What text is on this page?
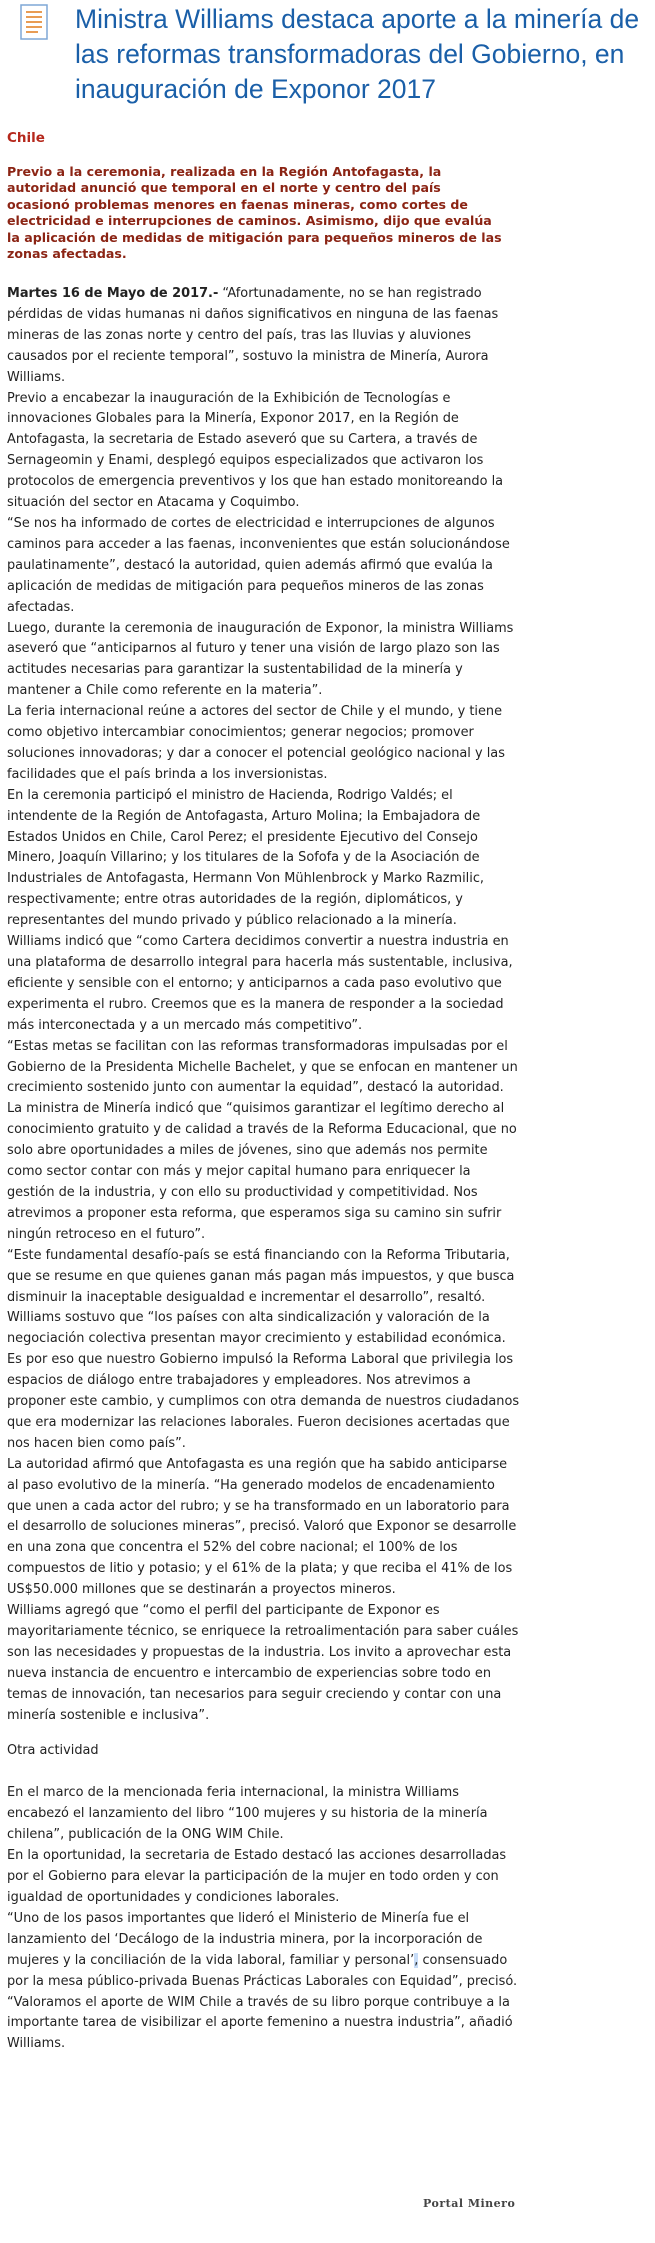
Ministra Williams destaca aporte a la minería de las reformas transformadoras del Gobierno, en inauguración de Exponor 2017

Chile

Previo a la ceremonia, realizada en la Región Antofagasta, la autoridad anunció que temporal en el norte y centro del país ocasionó problemas menores en faenas mineras, como cortes de electricidad e interrupciones de caminos. Asimismo, dijo que evalúa la aplicación de medidas de mitigación para pequeños mineros de las zonas afectadas.

Martes 16 de Mayo de 2017.- “Afortunadamente, no se han registrado pérdidas de vidas humanas ni daños significativos en ninguna de las faenas mineras de las zonas norte y centro del país, tras las lluvias y aluviones causados por el reciente temporal”, sostuvo la ministra de Minería, Aurora Williams.

Previo a encabezar la inauguración de la Exhibición de Tecnologías e innovaciones Globales para la Minería, Exponor 2017, en la Región de Antofagasta, la secretaria de Estado aseveró que su Cartera, a través de Sernageomin y Enami, desplegó equipos especializados que activaron los protocolos de emergencia preventivos y los que han estado monitoreando la situación del sector en Atacama y Coquimbo.

“Se nos ha informado de cortes de electricidad e interrupciones de algunos caminos para acceder a las faenas, inconvenientes que están solucionándose paulatinamente”, destacó la autoridad, quien además afirmó que evalúa la aplicación de medidas de mitigación para pequeños mineros de las zonas afectadas.

Luego, durante la ceremonia de inauguración de Exponor, la ministra Williams aseveró que “anticiparnos al futuro y tener una visión de largo plazo son las actitudes necesarias para garantizar la sustentabilidad de la minería y mantener a Chile como referente en la materia”.

La feria internacional reúne a actores del sector de Chile y el mundo, y tiene como objetivo intercambiar conocimientos; generar negocios; promover soluciones innovadoras; y dar a conocer el potencial geológico nacional y las facilidades que el país brinda a los inversionistas.

En la ceremonia participó el ministro de Hacienda, Rodrigo Valdés; el intendente de la Región de Antofagasta, Arturo Molina; la Embajadora de Estados Unidos en Chile, Carol Perez; el presidente Ejecutivo del Consejo Minero, Joaquín Villarino; y los titulares de la Sofofa y de la Asociación de Industriales de Antofagasta, Hermann Von Mühlenbrock y Marko Razmilic, respectivamente; entre otras autoridades de la región, diplomáticos, y representantes del mundo privado y público relacionado a la minería.

Williams indicó que “como Cartera decidimos convertir a nuestra industria en una plataforma de desarrollo integral para hacerla más sustentable, inclusiva, eficiente y sensible con el entorno; y anticiparnos a cada paso evolutivo que experimenta el rubro. Creemos que es la manera de responder a la sociedad más interconectada y a un mercado más competitivo”.

“Estas metas se facilitan con las reformas transformadoras impulsadas por el Gobierno de la Presidenta Michelle Bachelet, y que se enfocan en mantener un crecimiento sostenido junto con aumentar la equidad”, destacó la autoridad.

La ministra de Minería indicó que “quisimos garantizar el legítimo derecho al conocimiento gratuito y de calidad a través de la Reforma Educacional, que no solo abre oportunidades a miles de jóvenes, sino que además nos permite como sector contar con más y mejor capital humano para enriquecer la gestión de la industria, y con ello su productividad y competitividad. Nos atrevimos a proponer esta reforma, que esperamos siga su camino sin sufrir ningún retroceso en el futuro”.

“Este fundamental desafío-país se está financiando con la Reforma Tributaria, que se resume en que quienes ganan más pagan más impuestos, y que busca disminuir la inaceptable desigualdad e incrementar el desarrollo”, resaltó.

Williams sostuvo que “los países con alta sindicalización y valoración de la negociación colectiva presentan mayor crecimiento y estabilidad económica. Es por eso que nuestro Gobierno impulsó la Reforma Laboral que privilegia los espacios de diálogo entre trabajadores y empleadores. Nos atrevimos a proponer este cambio, y cumplimos con otra demanda de nuestros ciudadanos que era modernizar las relaciones laborales. Fueron decisiones acertadas que nos hacen bien como país”.

La autoridad afirmó que Antofagasta es una región que ha sabido anticiparse al paso evolutivo de la minería. “Ha generado modelos de encadenamiento que unen a cada actor del rubro; y se ha transformado en un laboratorio para el desarrollo de soluciones mineras”, precisó. Valoró que Exponor se desarrolle en una zona que concentra el 52% del cobre nacional; el 100% de los compuestos de litio y potasio; y el 61% de la plata; y que reciba el 41% de los US$50.000 millones que se destinarán a proyectos mineros.

Williams agregó que “como el perfil del participante de Exponor es mayoritariamente técnico, se enriquece la retroalimentación para saber cuáles son las necesidades y propuestas de la industria. Los invito a aprovechar esta nueva instancia de encuentro e intercambio de experiencias sobre todo en temas de innovación, tan necesarios para seguir creciendo y contar con una minería sostenible e inclusiva”.

Otra actividad

En el marco de la mencionada feria internacional, la ministra Williams encabezó el lanzamiento del libro “100 mujeres y su historia de la minería chilena”, publicación de la ONG WIM Chile.

En la oportunidad, la secretaria de Estado destacó las acciones desarrolladas por el Gobierno para elevar la participación de la mujer en todo orden y con igualdad de oportunidades y condiciones laborales.

“Uno de los pasos importantes que lideró el Ministerio de Minería fue el lanzamiento del ‘Decálogo de la industria minera, por la incorporación de mujeres y la conciliación de la vida laboral, familiar y personal’, consensuado por la mesa público-privada Buenas Prácticas Laborales con Equidad”, precisó.

“Valoramos el aporte de WIM Chile a través de su libro porque contribuye a la importante tarea de visibilizar el aporte femenino a nuestra industria”, añadió Williams.

Portal Minero
